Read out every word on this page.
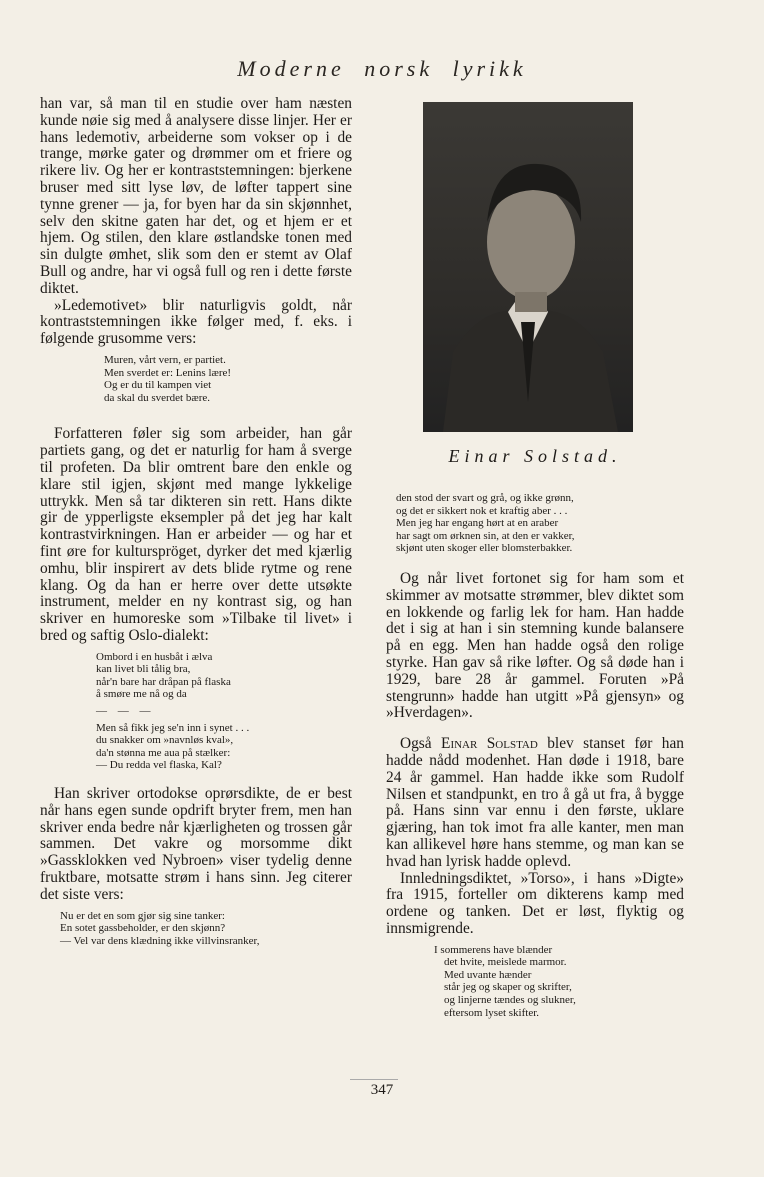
Moderne norsk lyrikk

han var, så man til en studie over ham næsten kunde nøie sig med å analysere disse linjer. Her er hans ledemotiv, arbeiderne som vokser op i de trange, mørke gater og drømmer om et friere og rikere liv. Og her er kontraststemningen: bjerkene bruser med sitt lyse løv, de løfter tappert sine tynne grener — ja, for byen har da sin skjønnhet, selv den skitne gaten har det, og et hjem er et hjem. Og stilen, den klare østlandske tonen med sin dulgte ømhet, slik som den er stemt av Olaf Bull og andre, har vi også full og ren i dette første diktet.

»Ledemotivet» blir naturligvis goldt, når kontraststemningen ikke følger med, f. eks. i følgende grusomme vers:

Muren, vårt vern, er partiet.
Men sverdet er: Lenins lære!
Og er du til kampen viet
da skal du sverdet bære.

Forfatteren føler sig som arbeider, han går partiets gang, og det er naturlig for ham å sverge til profeten. Da blir omtrent bare den enkle og klare stil igjen, skjønt med mange lykkelige uttrykk. Men så tar dikteren sin rett. Hans dikte gir de ypperligste eksempler på det jeg har kalt kontrastvirkningen. Han er arbeider — og har et fint øre for kulturspröget, dyrker det med kjærlig omhu, blir inspirert av dets blide rytme og rene klang. Og da han er herre over dette utsøkte instrument, melder en ny kontrast sig, og han skriver en humoreske som »Tilbake til livet» i bred og saftig Oslo-dialekt:

Ombord i en husbåt i ælva
kan livet bli tålig bra,
når'n bare har dråpan på flaska
å smøre me nå og da
— — —
Men så fikk jeg se'n inn i synet . . .
du snakker om »navnløs kval»,
da'n stønna me aua på stælker:
— Du redda vel flaska, Kal?

Han skriver ortodokse oprørsdikte, de er best når hans egen sunde opdrift bryter frem, men han skriver enda bedre når kjærligheten og trossen går sammen. Det vakre og morsomme dikt »Gassklokken ved Nybroen» viser tydelig denne fruktbare, motsatte strøm i hans sinn. Jeg citerer det siste vers:

Nu er det en som gjør sig sine tanker:
En sotet gassbeholder, er den skjønn?
— Vel var dens klædning ikke villvinsranker,
Einar Solstad.
den stod der svart og grå, og ikke grønn,
og det er sikkert nok et kraftig aber . . .
Men jeg har engang hørt at en araber
har sagt om ørknen sin, at den er vakker,
skjønt uten skoger eller blomsterbakker.

Og når livet fortonet sig for ham som et skimmer av motsatte strømmer, blev diktet som en lokkende og farlig lek for ham. Han hadde det i sig at han i sin stemning kunde balansere på en egg. Men han hadde også den rolige styrke. Han gav så rike løfter. Og så døde han i 1929, bare 28 år gammel. Foruten »På stengrunn» hadde han utgitt »På gjensyn» og »Hverdagen».

Også Einar Solstad blev stanset før han hadde nådd modenhet. Han døde i 1918, bare 24 år gammel. Han hadde ikke som Rudolf Nilsen et standpunkt, en tro å gå ut fra, å bygge på. Hans sinn var ennu i den første, uklare gjæring, han tok imot fra alle kanter, men man kan allikevel høre hans stemme, og man kan se hvad han lyrisk hadde oplevd.

Innledningsdiktet, »Torso», i hans »Digte» fra 1915, forteller om dikterens kamp med ordene og tanken. Det er løst, flyktig og innsmigrende.

I sommerens have blænder
det hvite, meislede marmor.
Med uvante hænder
står jeg og skaper og skrifter,
og linjerne tændes og slukner,
eftersom lyset skifter.
347
